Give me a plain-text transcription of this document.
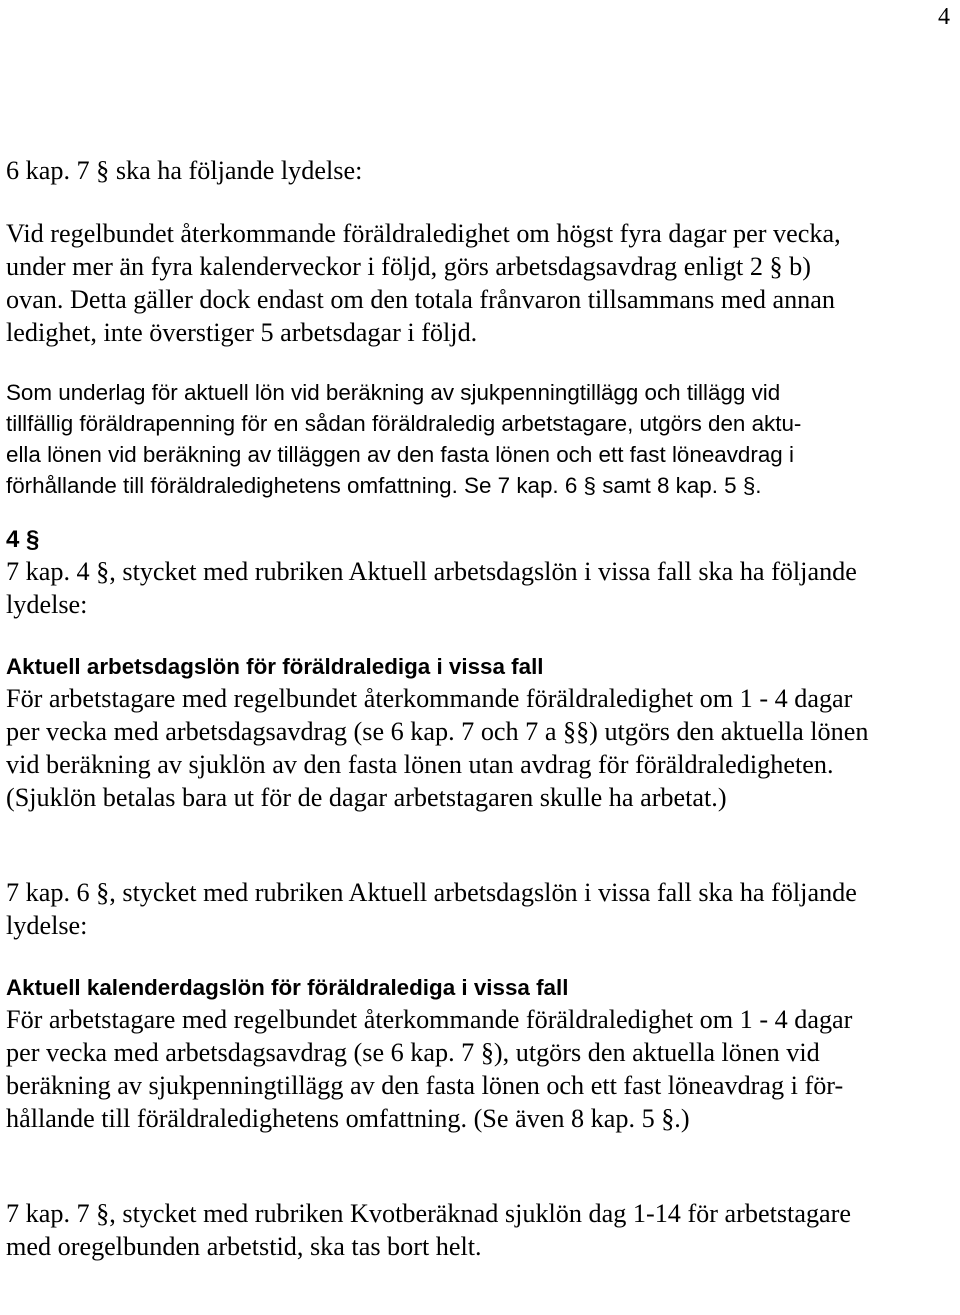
4

6 kap. 7 § ska ha följande lydelse:

Vid regelbundet återkommande föräldraledighet om högst fyra dagar per vecka,
under mer än fyra kalenderveckor i följd, görs arbetsdagsavdrag enligt 2 § b)
ovan. Detta gäller dock endast om den totala frånvaron tillsammans med annan
ledighet, inte överstiger 5 arbetsdagar i följd.

Som underlag för aktuell lön vid beräkning av sjukpenningtillägg och tillägg vid
tillfällig föräldrapenning för en sådan föräldraledig arbetstagare, utgörs den aktu-
ella lönen vid beräkning av tilläggen av den fasta lönen och ett fast löneavdrag i
förhållande till föräldraledighetens omfattning. Se 7 kap. 6 § samt 8 kap. 5 §.

4 §

7 kap. 4 §, stycket med rubriken Aktuell arbetsdagslön i vissa fall ska ha följande
lydelse:

Aktuell arbetsdagslön för föräldralediga i vissa fall

För arbetstagare med regelbundet återkommande föräldraledighet om 1 - 4 dagar
per vecka med arbetsdagsavdrag (se 6 kap. 7 och 7 a §§) utgörs den aktuella lönen
vid beräkning av sjuklön av den fasta lönen utan avdrag för föräldraledigheten.
(Sjuklön betalas bara ut för de dagar arbetstagaren skulle ha arbetat.)

7 kap. 6 §, stycket med rubriken Aktuell arbetsdagslön i vissa fall ska ha följande
lydelse:

Aktuell kalenderdagslön för föräldralediga i vissa fall

För arbetstagare med regelbundet återkommande föräldraledighet om 1 - 4 dagar
per vecka med arbetsdagsavdrag (se 6 kap. 7 §), utgörs den aktuella lönen vid
beräkning av sjukpenningtillägg av den fasta lönen och ett fast löneavdrag i för-
hållande till föräldraledighetens omfattning. (Se även 8 kap. 5 §.)

7 kap. 7 §, stycket med rubriken Kvotberäknad sjuklön dag 1-14 för arbetstagare
med oregelbunden arbetstid, ska tas bort helt.
